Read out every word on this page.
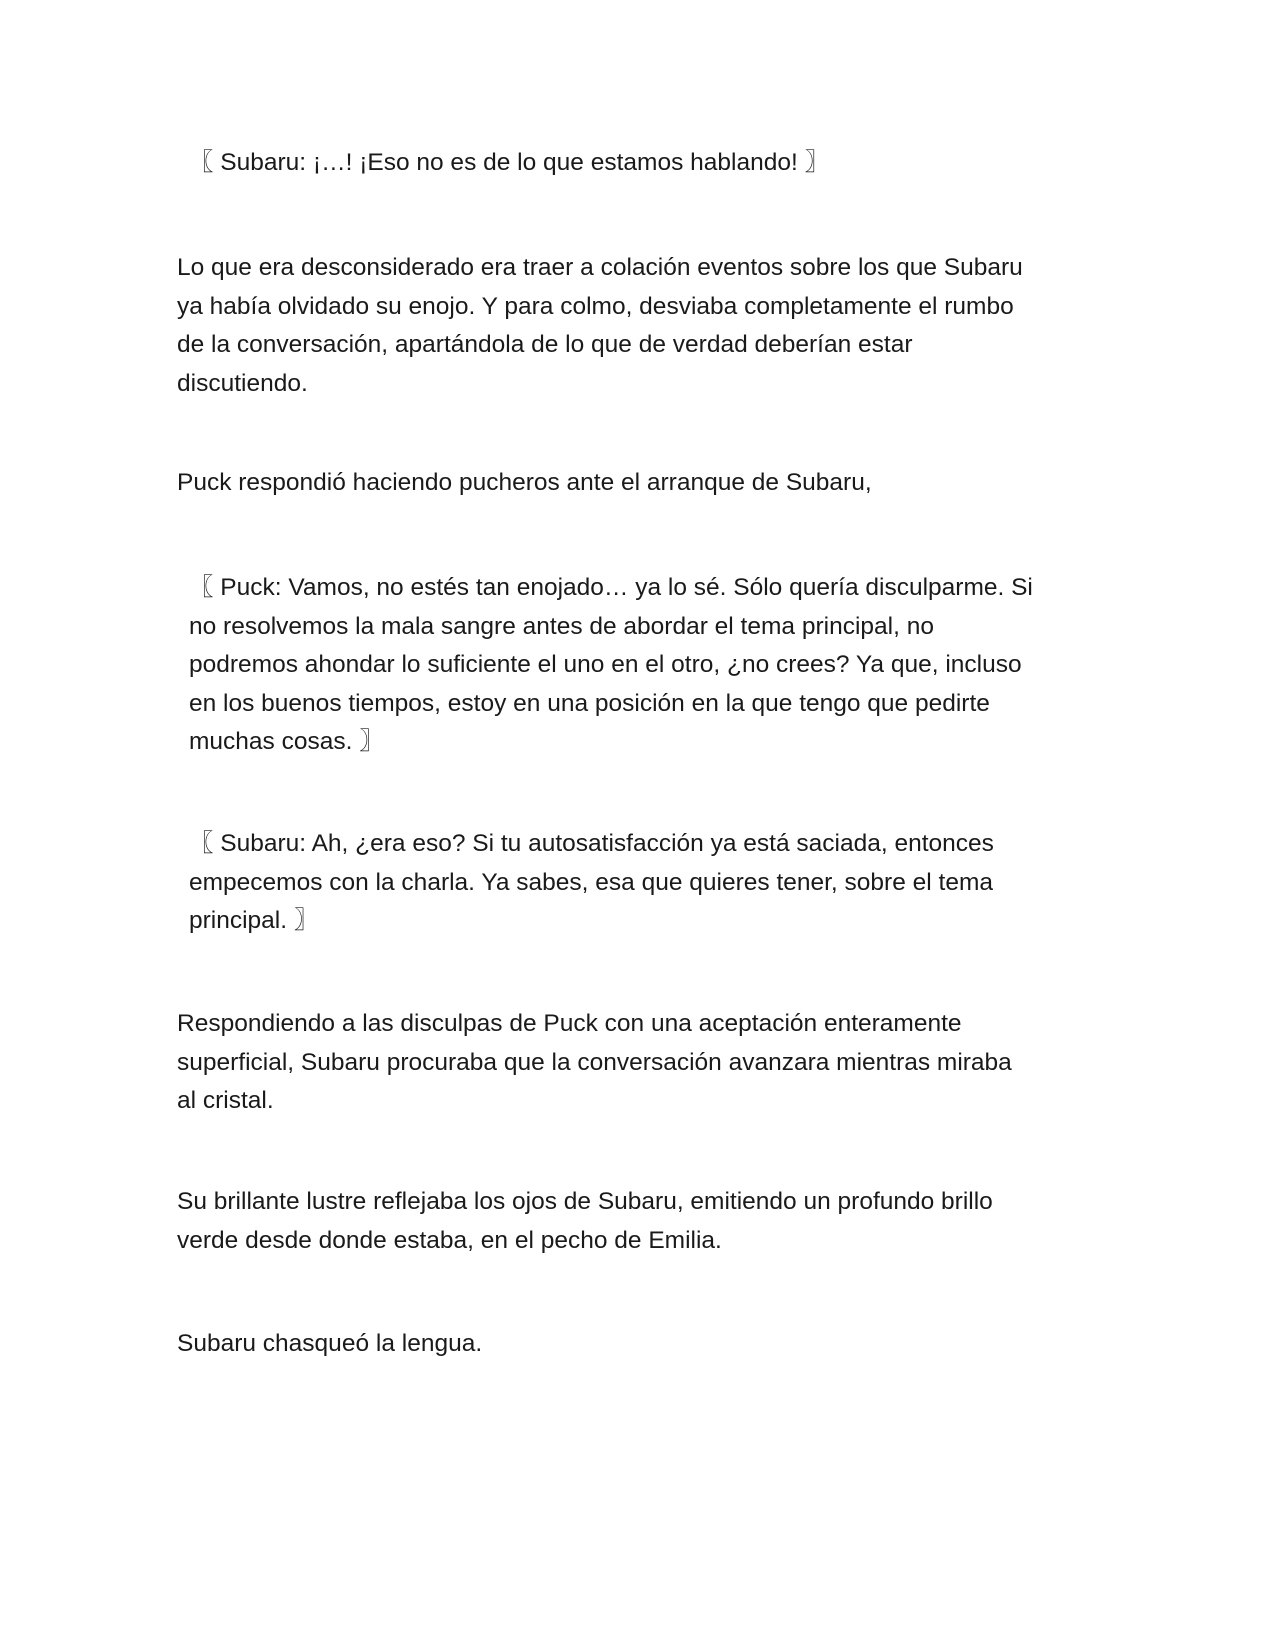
〖 Subaru: ¡…! ¡Eso no es de lo que estamos hablando! 〗

Lo que era desconsiderado era traer a colación eventos sobre los que Subaru
ya había olvidado su enojo. Y para colmo, desviaba completamente el rumbo
de la conversación, apartándola de lo que de verdad deberían estar
discutiendo.

Puck respondió haciendo pucheros ante el arranque de Subaru,

〖 Puck: Vamos, no estés tan enojado… ya lo sé. Sólo quería disculparme. Si
no resolvemos la mala sangre antes de abordar el tema principal, no
podremos ahondar lo suficiente el uno en el otro, ¿no crees? Ya que, incluso
en los buenos tiempos, estoy en una posición en la que tengo que pedirte
muchas cosas. 〗

〖 Subaru: Ah, ¿era eso? Si tu autosatisfacción ya está saciada, entonces
empecemos con la charla. Ya sabes, esa que quieres tener, sobre el tema
principal. 〗

Respondiendo a las disculpas de Puck con una aceptación enteramente
superficial, Subaru procuraba que la conversación avanzara mientras miraba
al cristal.

Su brillante lustre reflejaba los ojos de Subaru, emitiendo un profundo brillo
verde desde donde estaba, en el pecho de Emilia.

Subaru chasqueó la lengua.
